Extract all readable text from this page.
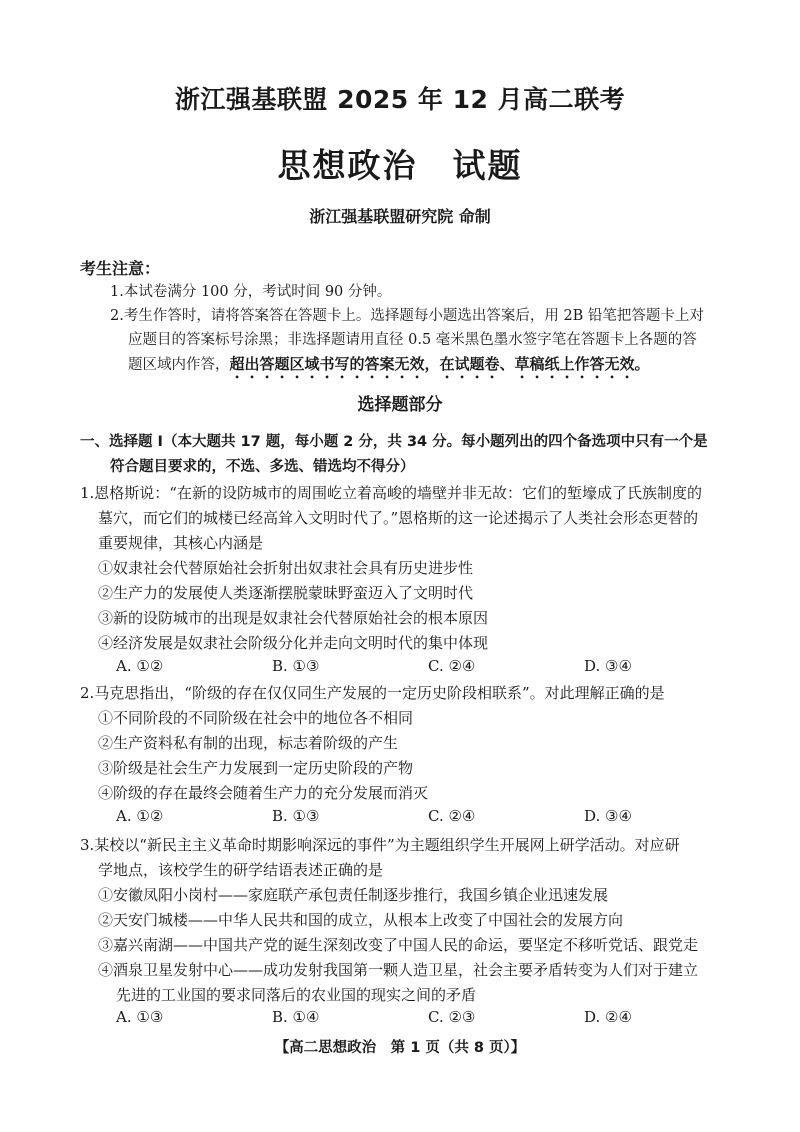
浙江强基联盟 2025 年 12 月高二联考
思想政治　试题
浙江强基联盟研究院 命制
考生注意：
1.本试卷满分 100 分，考试时间 90 分钟。
2.考生作答时，请将答案答在答题卡上。选择题每小题选出答案后，用 2B 铅笔把答题卡上对
应题目的答案标号涂黑；非选择题请用直径 0.5 毫米黑色墨水签字笔在答题卡上各题的答
题区域内作答，超出答题区域书写的答案无效，在试题卷、草稿纸上作答无效。
选择题部分
一、选择题 Ⅰ（本大题共 17 题，每小题 2 分，共 34 分。每小题列出的四个备选项中只有一个是
符合题目要求的，不选、多选、错选均不得分）
1.恩格斯说：“在新的设防城市的周围屹立着高峻的墙壁并非无故：它们的堑壕成了氏族制度的
墓穴，而它们的城楼已经高耸入文明时代了。”恩格斯的这一论述揭示了人类社会形态更替的
重要规律，其核心内涵是
①奴隶社会代替原始社会折射出奴隶社会具有历史进步性
②生产力的发展使人类逐渐摆脱蒙昧野蛮迈入了文明时代
③新的设防城市的出现是奴隶社会代替原始社会的根本原因
④经济发展是奴隶社会阶级分化并走向文明时代的集中体现
A. ①②	B. ①③	C. ②④	D. ③④
2.马克思指出，“阶级的存在仅仅同生产发展的一定历史阶段相联系”。对此理解正确的是
①不同阶段的不同阶级在社会中的地位各不相同
②生产资料私有制的出现，标志着阶级的产生
③阶级是社会生产力发展到一定历史阶段的产物
④阶级的存在最终会随着生产力的充分发展而消灭
A. ①②	B. ①③	C. ②④	D. ③④
3.某校以“新民主主义革命时期影响深远的事件”为主题组织学生开展网上研学活动。对应研
学地点，该校学生的研学结语表述正确的是
①安徽凤阳小岗村——家庭联产承包责任制逐步推行，我国乡镇企业迅速发展
②天安门城楼——中华人民共和国的成立，从根本上改变了中国社会的发展方向
③嘉兴南湖——中国共产党的诞生深刻改变了中国人民的命运，要坚定不移听党话、跟党走
④酒泉卫星发射中心——成功发射我国第一颗人造卫星，社会主要矛盾转变为人们对于建立
先进的工业国的要求同落后的农业国的现实之间的矛盾
A. ①③	B. ①④	C. ②③	D. ②④
【高二思想政治　第 1 页（共 8 页）】
